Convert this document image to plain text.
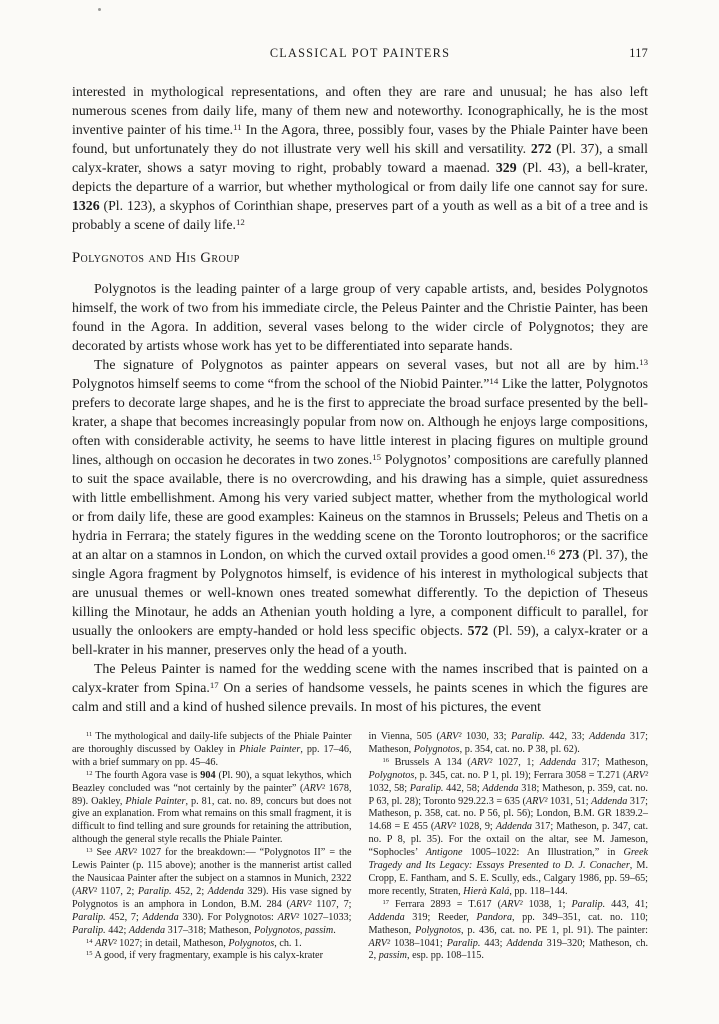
CLASSICAL POT PAINTERS	117

interested in mythological representations, and often they are rare and unusual; he has also left numerous scenes from daily life, many of them new and noteworthy. Iconographically, he is the most inventive painter of his time.$^{11}$ In the Agora, three, possibly four, vases by the Phiale Painter have been found, but unfortunately they do not illustrate very well his skill and versatility. 272 (Pl. 37), a small calyx-krater, shows a satyr moving to right, probably toward a maenad. 329 (Pl. 43), a bell-krater, depicts the departure of a warrior, but whether mythological or from daily life one cannot say for sure. 1326 (Pl. 123), a skyphos of Corinthian shape, preserves part of a youth as well as a bit of a tree and is probably a scene of daily life.$^{12}$

Polygnotos and His Group

Polygnotos is the leading painter of a large group of very capable artists, and, besides Polygnotos himself, the work of two from his immediate circle, the Peleus Painter and the Christie Painter, has been found in the Agora. In addition, several vases belong to the wider circle of Polygnotos; they are decorated by artists whose work has yet to be differentiated into separate hands.

The signature of Polygnotos as painter appears on several vases, but not all are by him.$^{13}$ Polygnotos himself seems to come “from the school of the Niobid Painter.”$^{14}$ Like the latter, Polygnotos prefers to decorate large shapes, and he is the first to appreciate the broad surface presented by the bell-krater, a shape that becomes increasingly popular from now on. Although he enjoys large compositions, often with considerable activity, he seems to have little interest in placing figures on multiple ground lines, although on occasion he decorates in two zones.$^{15}$ Polygnotos’ compositions are carefully planned to suit the space available, there is no overcrowding, and his drawing has a simple, quiet assuredness with little embellishment. Among his very varied subject matter, whether from the mythological world or from daily life, these are good examples: Kaineus on the stamnos in Brussels; Peleus and Thetis on a hydria in Ferrara; the stately figures in the wedding scene on the Toronto loutrophoros; or the sacrifice at an altar on a stamnos in London, on which the curved oxtail provides a good omen.$^{16}$ 273 (Pl. 37), the single Agora fragment by Polygnotos himself, is evidence of his interest in mythological subjects that are unusual themes or well-known ones treated somewhat differently. To the depiction of Theseus killing the Minotaur, he adds an Athenian youth holding a lyre, a component difficult to parallel, for usually the onlookers are empty-handed or hold less specific objects. 572 (Pl. 59), a calyx-krater or a bell-krater in his manner, preserves only the head of a youth.

The Peleus Painter is named for the wedding scene with the names inscribed that is painted on a calyx-krater from Spina.$^{17}$ On a series of handsome vessels, he paints scenes in which the figures are calm and still and a kind of hushed silence prevails. In most of his pictures, the event

$^{11}$ The mythological and daily-life subjects of the Phiale Painter are thoroughly discussed by Oakley in Phiale Painter, pp. 17–46, with a brief summary on pp. 45–46.

$^{12}$ The fourth Agora vase is 904 (Pl. 90), a squat lekythos, which Beazley concluded was “not certainly by the painter” (ARV² 1678, 89). Oakley, Phiale Painter, p. 81, cat. no. 89, concurs but does not give an explanation. From what remains on this small fragment, it is difficult to find telling and sure grounds for retaining the attribution, although the general style recalls the Phiale Painter.

$^{13}$ See ARV² 1027 for the breakdown:— “Polygnotos II” = the Lewis Painter (p. 115 above); another is the mannerist artist called the Nausicaa Painter after the subject on a stamnos in Munich, 2322 (ARV² 1107, 2; Paralip. 452, 2; Addenda 329). His vase signed by Polygnotos is an amphora in London, B.M. 284 (ARV² 1107, 7; Paralip. 452, 7; Addenda 330). For Polygnotos: ARV² 1027–1033; Paralip. 442; Addenda 317–318; Matheson, Polygnotos, passim.

$^{14}$ ARV² 1027; in detail, Matheson, Polygnotos, ch. 1.

$^{15}$ A good, if very fragmentary, example is his calyx-krater

in Vienna, 505 (ARV² 1030, 33; Paralip. 442, 33; Addenda 317; Matheson, Polygnotos, p. 354, cat. no. P 38, pl. 62).

$^{16}$ Brussels A 134 (ARV² 1027, 1; Addenda 317; Matheson, Polygnotos, p. 345, cat. no. P 1, pl. 19); Ferrara 3058 = T.271 (ARV² 1032, 58; Paralip. 442, 58; Addenda 318; Matheson, p. 359, cat. no. P 63, pl. 28); Toronto 929.22.3 = 635 (ARV² 1031, 51; Addenda 317; Matheson, p. 358, cat. no. P 56, pl. 56); London, B.M. GR 1839.2–14.68 = E 455 (ARV² 1028, 9; Addenda 317; Matheson, p. 347, cat. no. P 8, pl. 35). For the oxtail on the altar, see M. Jameson, “Sophocles’ Antigone 1005–1022: An Illustration,” in Greek Tragedy and Its Legacy: Essays Presented to D. J. Conacher, M. Cropp, E. Fantham, and S. E. Scully, eds., Calgary 1986, pp. 59–65; more recently, Straten, Hierà Kalá, pp. 118–144.

$^{17}$ Ferrara 2893 = T.617 (ARV² 1038, 1; Paralip. 443, 41; Addenda 319; Reeder, Pandora, pp. 349–351, cat. no. 110; Matheson, Polygnotos, p. 436, cat. no. PE 1, pl. 91). The painter: ARV² 1038–1041; Paralip. 443; Addenda 319–320; Matheson, ch. 2, passim, esp. pp. 108–115.
